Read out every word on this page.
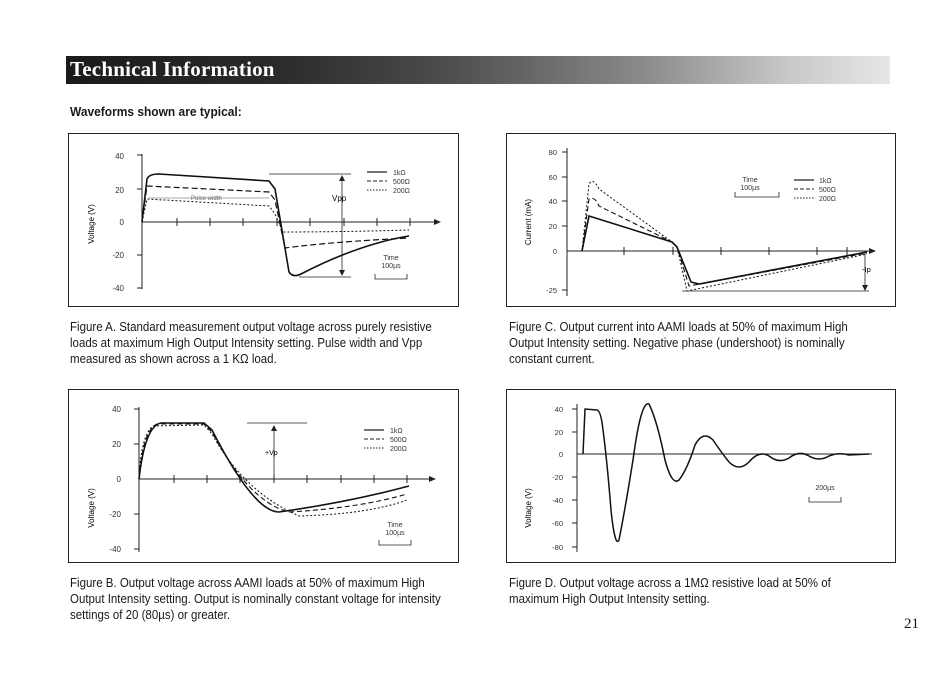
Technical Information
Waveforms shown are typical:
Voltage (V)
40
20
0
-20
-40
Pulse width	Vpp
1kΩ
500Ω
200Ω
Time
100µs
Figure A. Standard measurement output voltage across purely resistive loads at maximum High Output Intensity setting. Pulse width and Vpp measured as shown across a 1 KΩ load.
Current (mA)
80
60
40
20
0
-25
-Ip
Time
100µs
1kΩ
500Ω
200Ω
Figure C. Output current into AAMI loads at 50% of maximum High Output Intensity setting. Negative phase (undershoot) is nominally constant current.
Voltage (V)
40
20
0
-20
-40
+Vp
1kΩ
500Ω
200Ω
Time
100µs
Figure B. Output voltage across AAMI loads at 50% of maximum High Output Intensity setting. Output is nominally constant voltage for intensity settings of 20 (80µs) or greater.
Voltage (V)
40
20
0
-20
-40
-60
-80
200µs
Figure D. Output voltage across a 1MΩ resistive load at 50% of maximum High Output Intensity setting.
21
